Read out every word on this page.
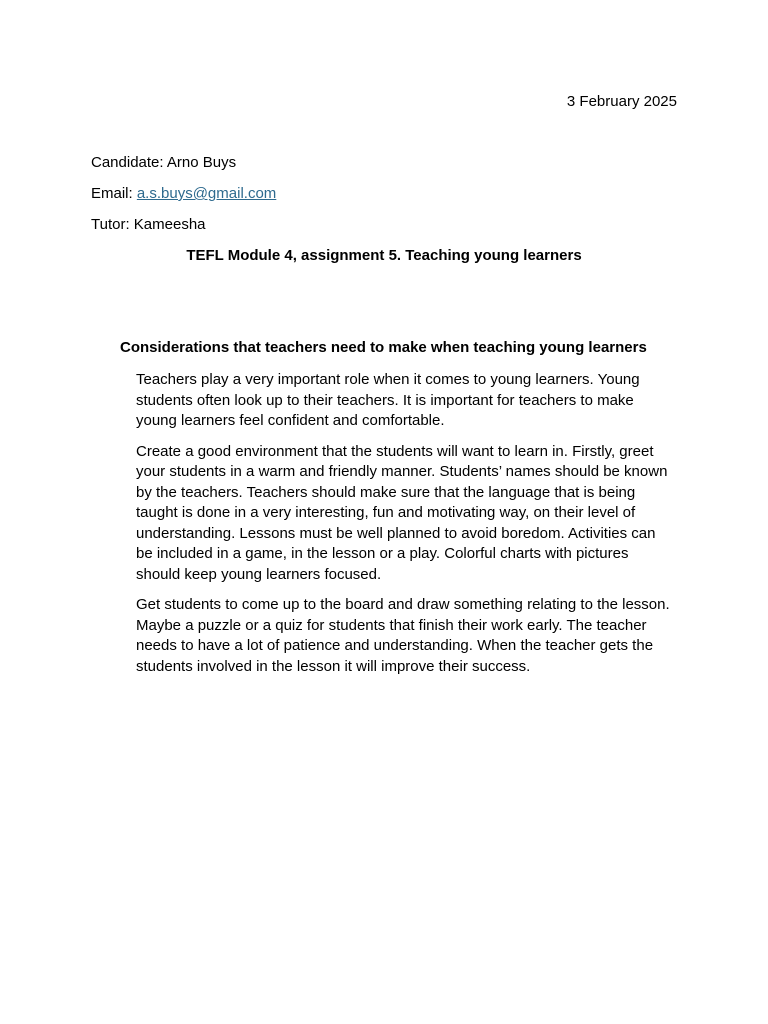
3 February 2025
Candidate: Arno Buys
Email: a.s.buys@gmail.com
Tutor: Kameesha
TEFL Module 4, assignment 5. Teaching young learners
Considerations that teachers need to make when teaching young learners

Teachers play a very important role when it comes to young learners. Young students often look up to their teachers. It is important for teachers to make young learners feel confident and comfortable.

Create a good environment that the students will want to learn in. Firstly, greet your students in a warm and friendly manner. Students’ names should be known by the teachers. Teachers should make sure that the language that is being taught is done in a very interesting, fun and motivating way, on their level of understanding. Lessons must be well planned to avoid boredom. Activities can be included in a game, in the lesson or a play. Colorful charts with pictures should keep young learners focused.

Get students to come up to the board and draw something relating to the lesson. Maybe a puzzle or a quiz for students that finish their work early. The teacher needs to have a lot of patience and understanding. When the teacher gets the students involved in the lesson it will improve their success.
